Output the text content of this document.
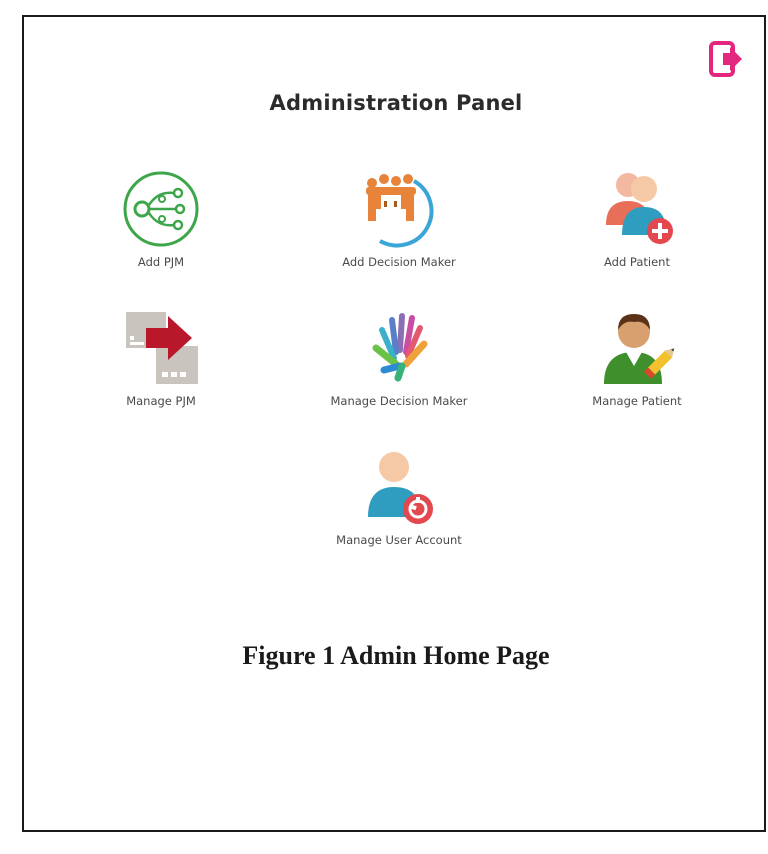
Administration Panel
Add PJM	Add Decision Maker	Add Patient
Manage PJM	Manage Decision Maker	Manage Patient
Manage User Account
Figure 1 Admin Home Page
